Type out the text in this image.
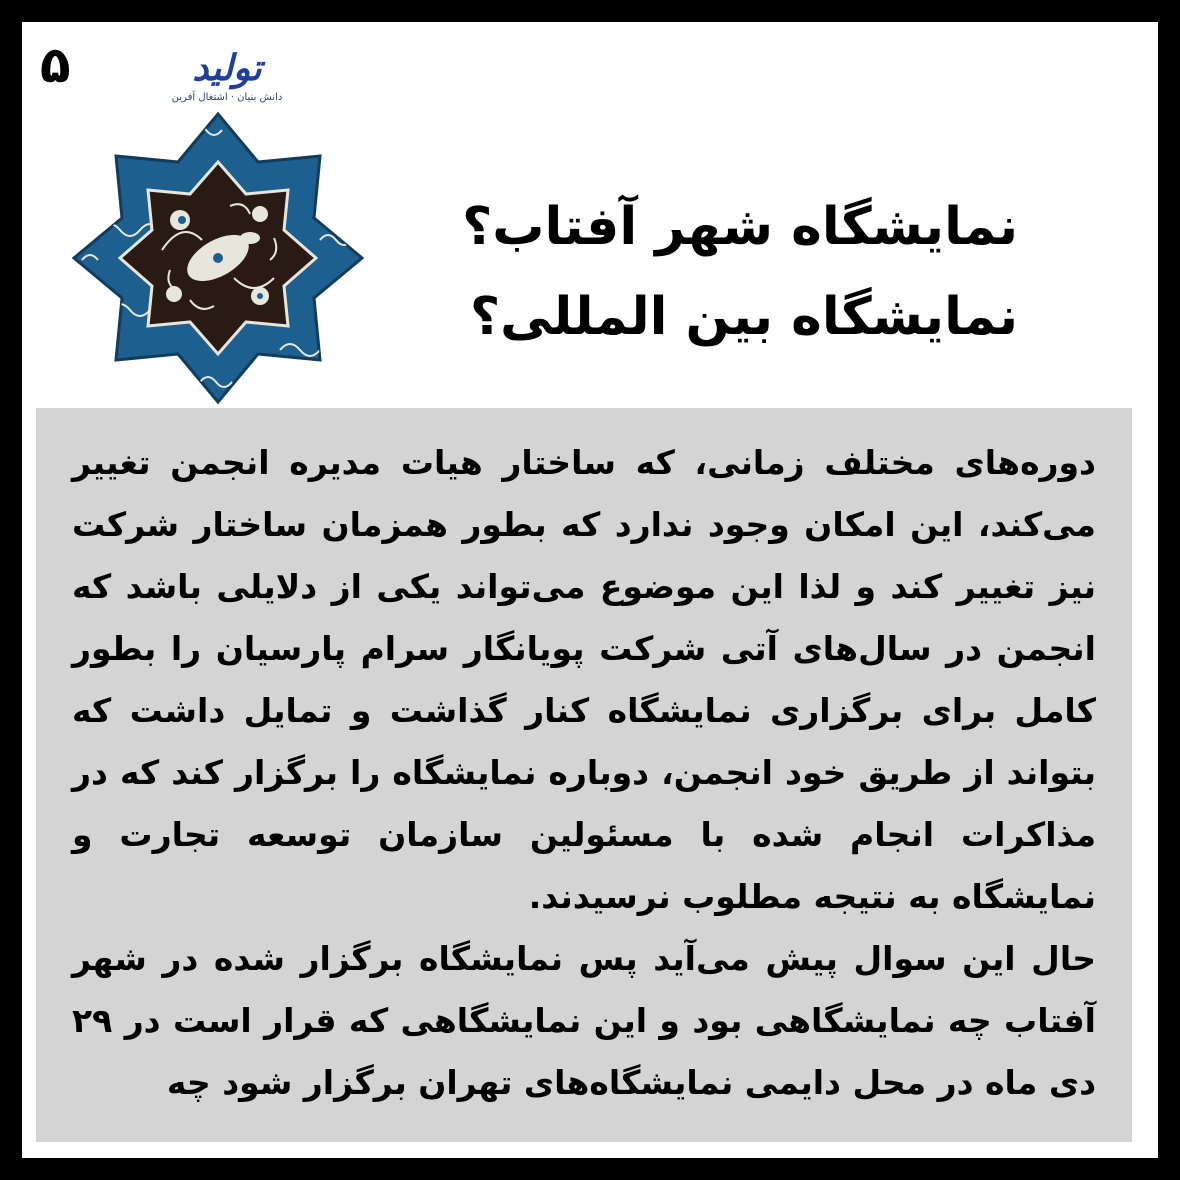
۵	تولید
دانش بنیان · اشتغال آفرین
نمایشگاه شهر آفتاب؟
نمایشگاه بین المللی؟

دوره‌های مختلف زمانی، که ساختار هیات مدیره انجمن تغییر می‌کند، این امکان وجود ندارد که بطور همزمان ساختار شرکت نیز تغییر کند و لذا این موضوع می‌تواند یکی از دلایلی باشد که انجمن در سال‌های آتی شرکت پویانگار سرام پارسیان را بطور کامل برای برگزاری نمایشگاه کنار گذاشت و تمایل داشت که بتواند از طریق خود انجمن، دوباره نمایشگاه را برگزار کند که در مذاکرات انجام شده با مسئولین سازمان توسعه تجارت و نمایشگاه به نتیجه مطلوب نرسیدند.

حال این سوال پیش می‌آید پس نمایشگاه برگزار شده در شهر آفتاب چه نمایشگاهی بود و این نمایشگاهی که قرار است در ۲۹ دی ماه در محل دایمی نمایشگاه‌های تهران برگزار شود چه
